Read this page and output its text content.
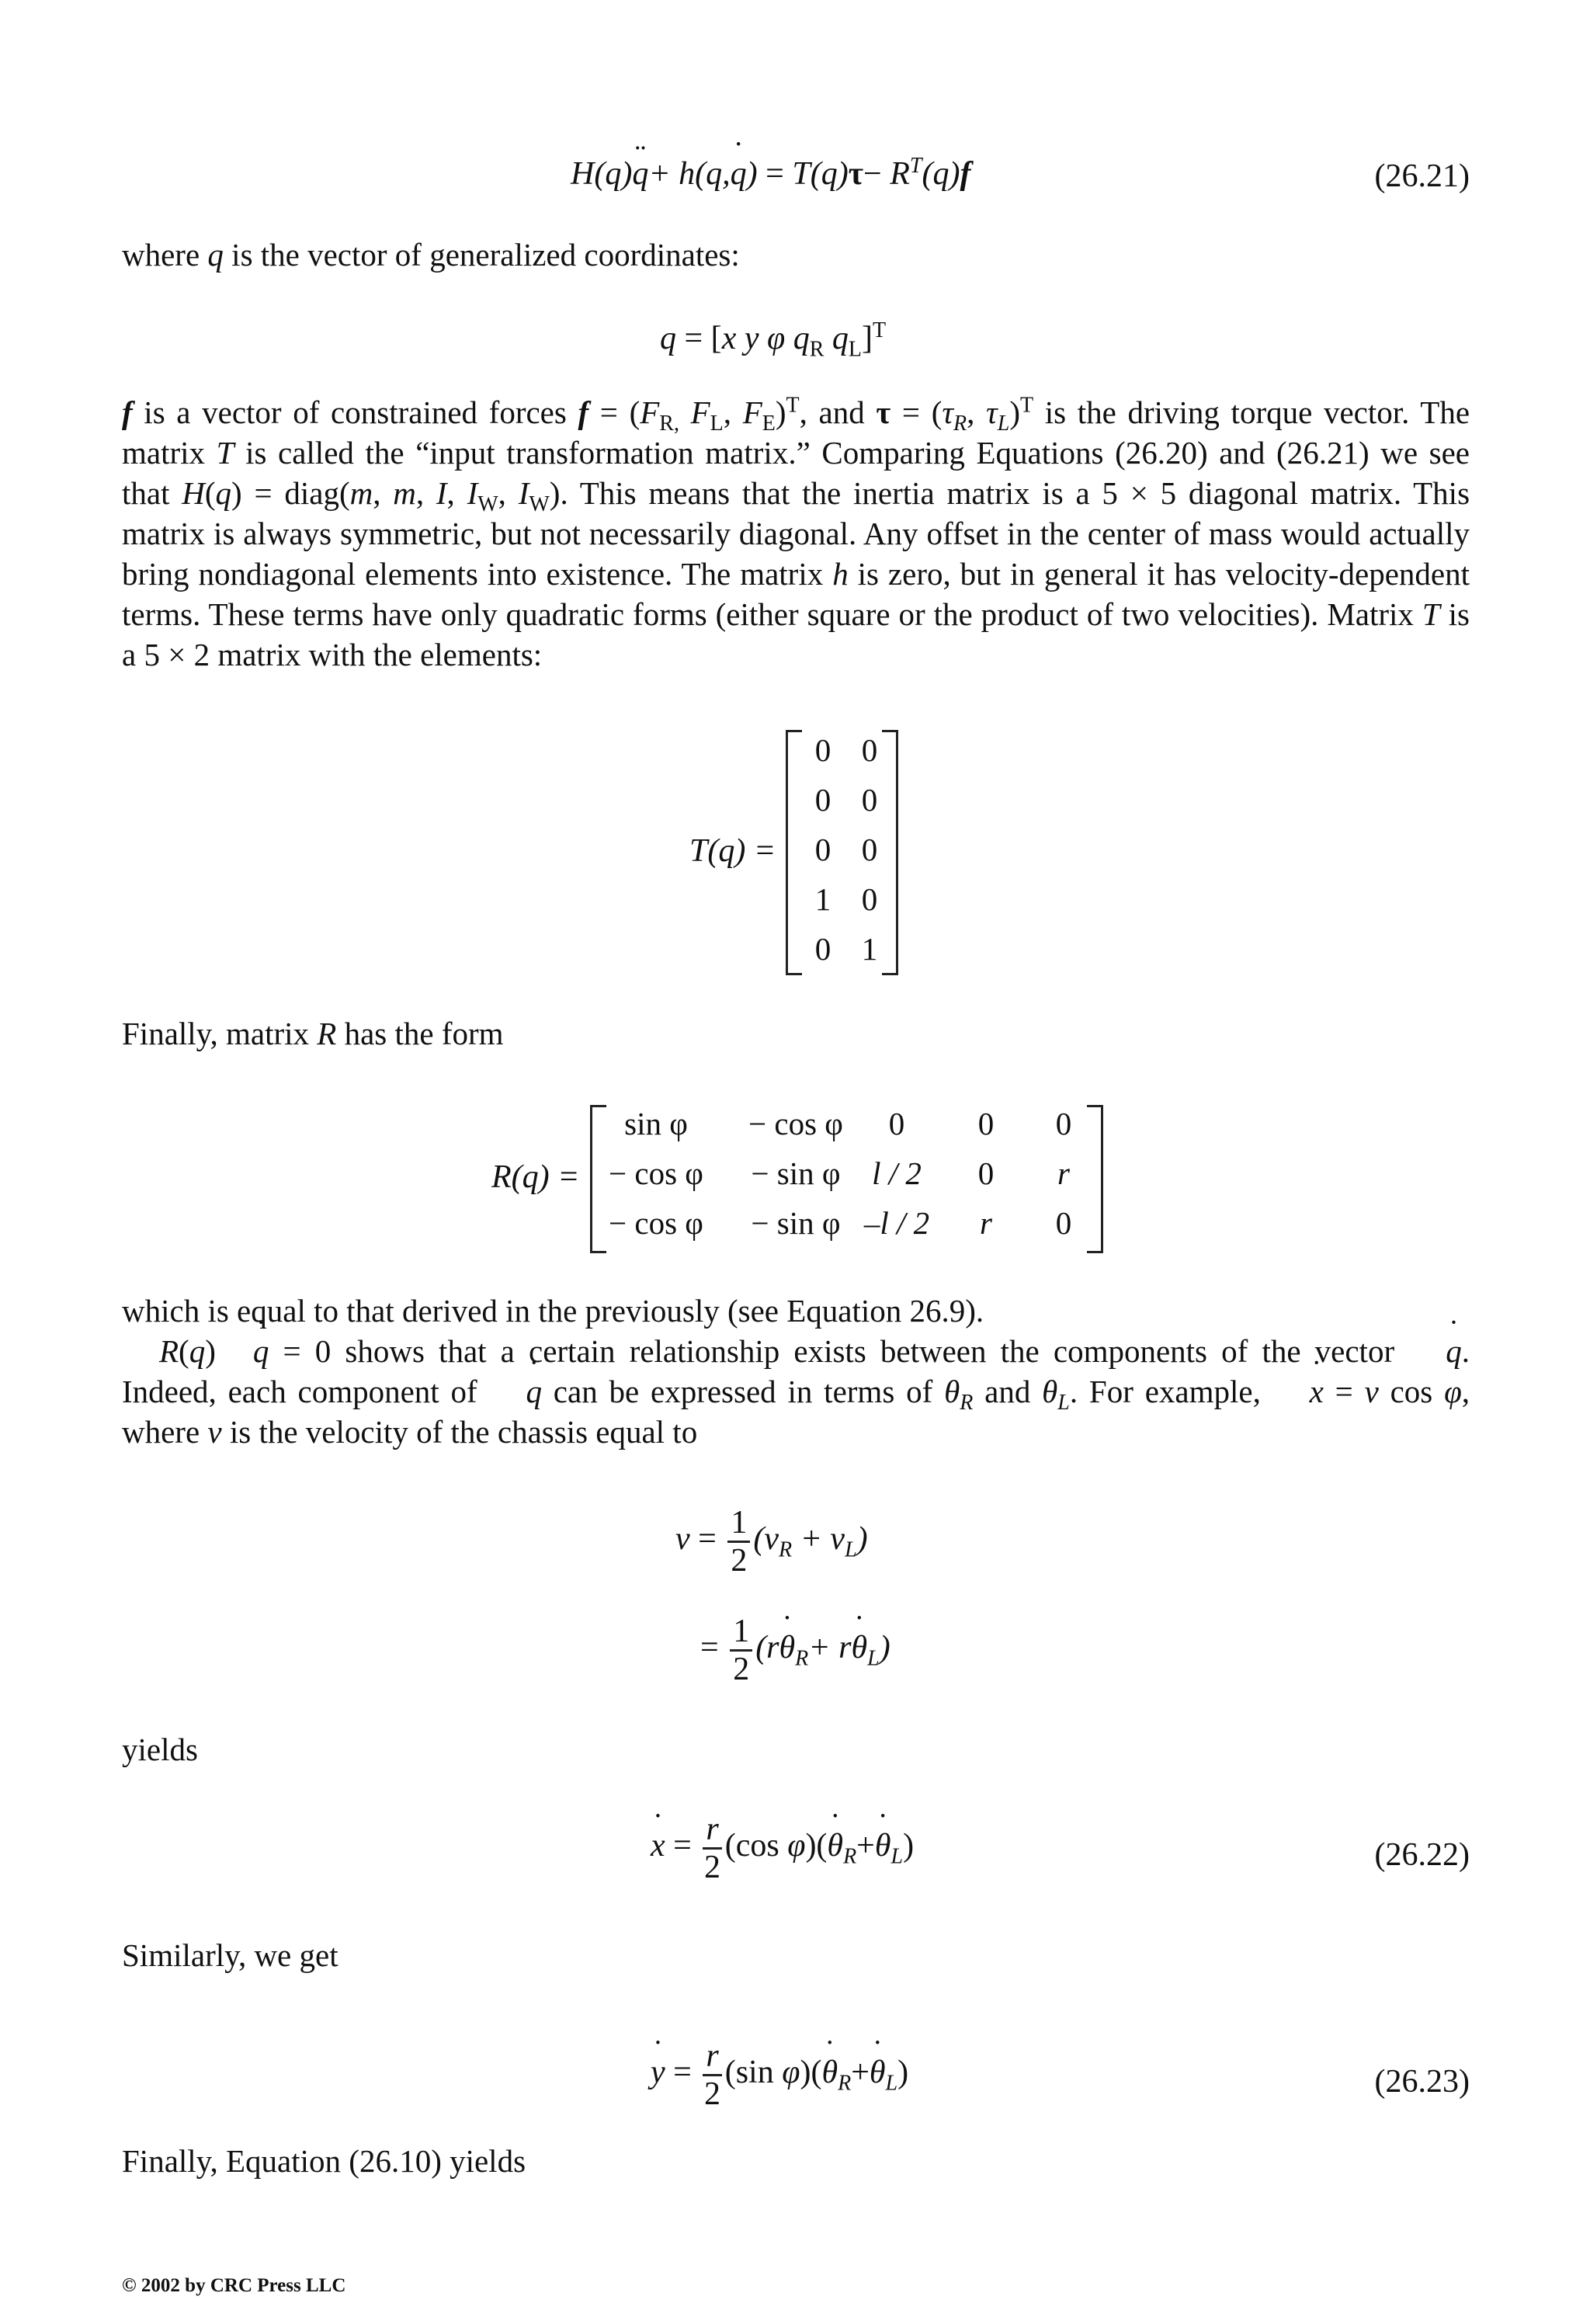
H(q)¨ q+ h(q,˙ $q) = T(q)\tau- R^T(q)f$	(26.21)
where q is the vector of generalized coordinates:
q = [x y φ $q_R$ $q_L]^T$
f is a vector of constrained forces $f = (F_{R,}$ $F_L$, $F_E)^T$, and $\tau = (\tau_R$, $\tau_L)^T$ is the driving torque vector. The matrix T is called the “input transformation matrix.” Comparing Equations (26.20) and (26.21) we see that H(q) = diag(m, m, I, $I_W$, $I_W$). This means that the inertia matrix is a 5 × 5 diagonal matrix. This matrix is always symmetric, but not necessarily diagonal. Any offset in the center of mass would actually bring nondiagonal elements into existence. The matrix h is zero, but in general it has velocity-dependent terms. These terms have only quadratic forms (either square or the product of two velocities). Matrix T is a 5 × 2 matrix with the elements:
T(q) =
0 0
0 0
0 0
1 0
0 1
Finally, matrix R has the form
R(q) =
sin φ	− cos φ	0	0	0
− cos φ	− sin φ l / 2	0	r
− cos φ	− sin φ –l / 2	r	0
which is equal to that derived in the previously (see Equation 26.9).
R(q)˙ q = 0 shows that a certain relationship exists between the components of the vector ˙ q. Indeed, each component of ˙ q can be expressed in terms of $\theta_R$ and $\theta_L$. For example, ˙ x = v cos φ, where v is the velocity of the chassis equal to
$v = \frac{1}{2} (v_R + v_L)$
= $\frac{1}{2}$ (r˙ $\theta_R+$ r˙ $\theta_L$)
yields
˙ $x = \frac{r}{2} (\cos$ φ)(˙ $\theta_R+˙$ $\theta_L$)	(26.22)
Similarly, we get
˙ $y = \frac{r}{2} (\sin$ φ)(˙ $\theta_R+˙$ $\theta_L$)	(26.23)
Finally, Equation (26.10) yields
© 2002 by CRC Press LLC
